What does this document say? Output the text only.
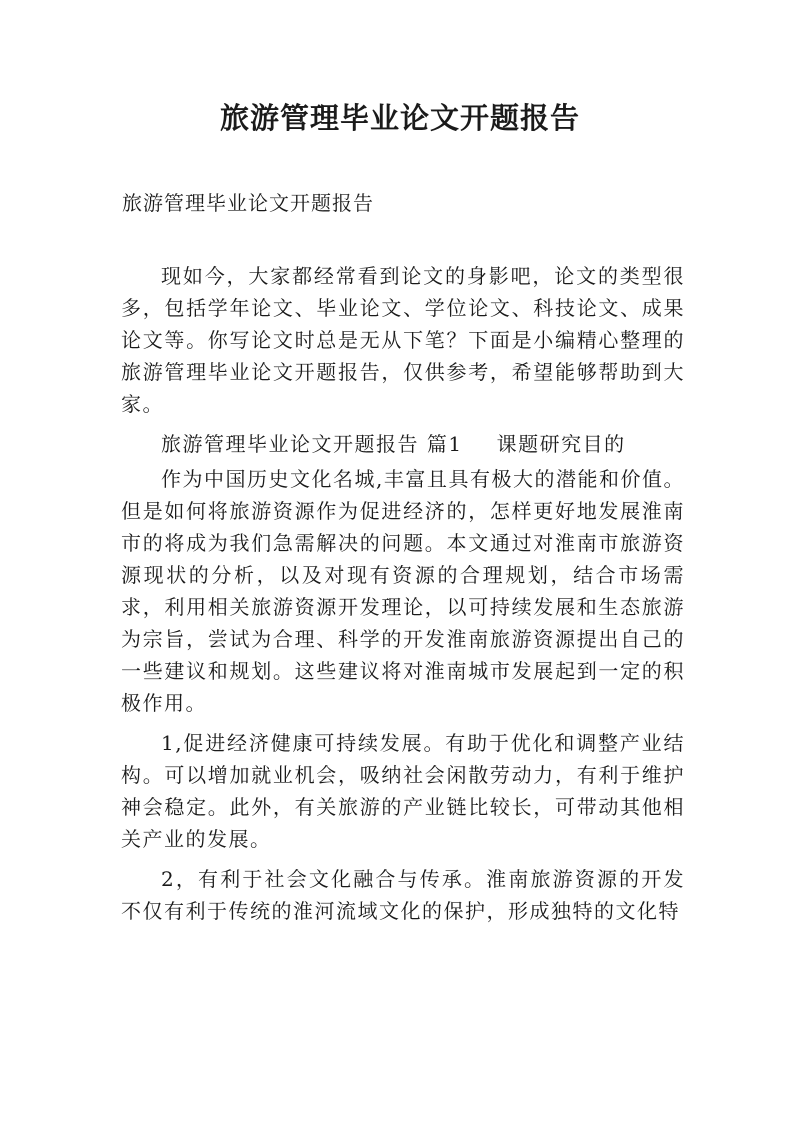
旅游管理毕业论文开题报告

旅游管理毕业论文开题报告

现如今，大家都经常看到论文的身影吧，论文的类型很多，包括学年论文、毕业论文、学位论文、科技论文、成果论文等。你写论文时总是无从下笔？下面是小编精心整理的旅游管理毕业论文开题报告，仅供参考，希望能够帮助到大家。

旅游管理毕业论文开题报告 篇1 课题研究目的

作为中国历史文化名城,丰富且具有极大的潜能和价值。但是如何将旅游资源作为促进经济的，怎样更好地发展淮南市的将成为我们急需解决的问题。本文通过对淮南市旅游资源现状的分析，以及对现有资源的合理规划，结合市场需求，利用相关旅游资源开发理论，以可持续发展和生态旅游为宗旨，尝试为合理、科学的开发淮南旅游资源提出自己的一些建议和规划。这些建议将对淮南城市发展起到一定的积极作用。

1,促进经济健康可持续发展。有助于优化和调整产业结构。可以增加就业机会，吸纳社会闲散劳动力，有利于维护神会稳定。此外，有关旅游的产业链比较长，可带动其他相关产业的发展。

2，有利于社会文化融合与传承。淮南旅游资源的开发不仅有利于传统的淮河流域文化的保护，形成独特的文化特
